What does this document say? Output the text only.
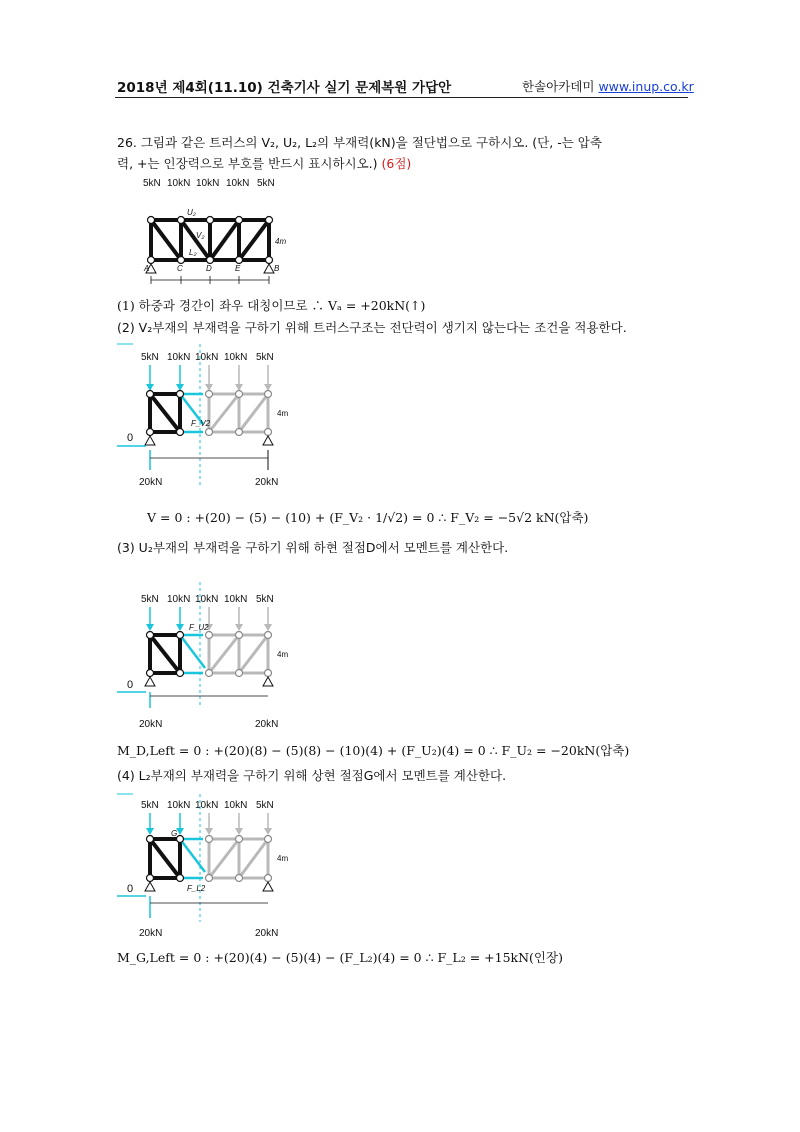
2018년 제4회(11.10) 건축기사 실기 문제복원 가답안	한솔아카데미 www.inup.co.kr
26. 그림과 같은 트러스의 V₂, U₂, L₂의 부재력(kN)을 절단법으로 구하시오. (단, -는 압축
력, +는 인장력으로 부호를 반드시 표시하시오.) (6점)
5kN 10kN 10kN 10kN 5kN
U₂
V₂
L₂
A	C	D	E	B
4m
(1) 하중과 경간이 좌우 대칭이므로 ∴ Vₐ = +20kN(↑)
(2) V₂부재의 부재력을 구하기 위해 트러스구조는 전단력이 생기지 않는다는 조건을 적용한다.
5kN 10kN 10kN 10kN 5kN
F_V2
4m
0
20kN	20kN
V = 0 : +(20) − (5) − (10) + (F_V₂ · 1/√2) = 0 ∴ F_V₂ = −5√2 kN(압축)
(3) U₂부재의 부재력을 구하기 위해 하현 절점D에서 모멘트를 계산한다.
5kN 10kN 10kN 10kN 5kN
F_U2
4m
0
20kN	20kN
M_D,Left = 0 : +(20)(8) − (5)(8) − (10)(4) + (F_U₂)(4) = 0 ∴ F_U₂ = −20kN(압축)
(4) L₂부재의 부재력을 구하기 위해 상현 절점G에서 모멘트를 계산한다.
5kN 10kN 10kN 10kN 5kN
G
F_L2
4m
0
20kN	20kN
M_G,Left = 0 : +(20)(4) − (5)(4) − (F_L₂)(4) = 0 ∴ F_L₂ = +15kN(인장)
